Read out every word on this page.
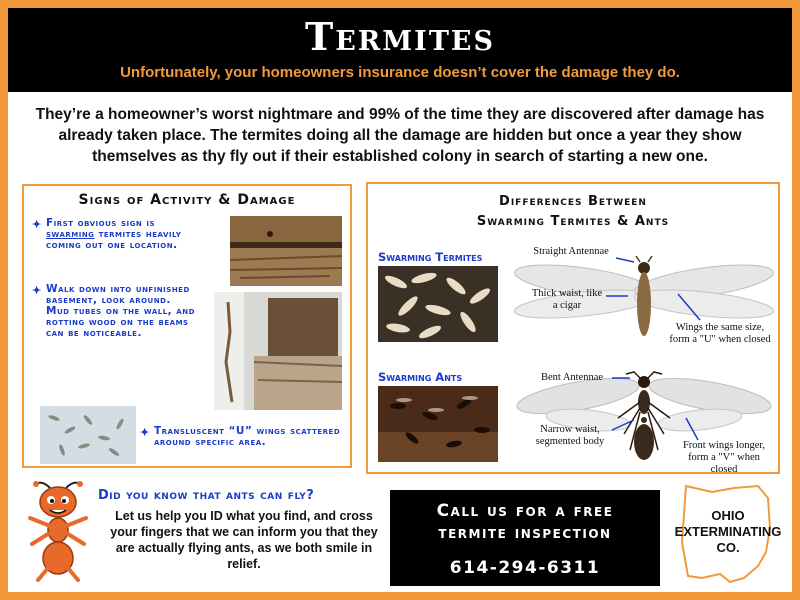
Termites
Unfortunately, your homeowners insurance doesn’t cover the damage they do.
They’re a homeowner’s worst nightmare and 99% of the time they are discovered after damage has already taken place. The termites doing all the damage are hidden but once a year they show themselves as thy fly out if their established colony in search of starting a new one.
Signs of Activity & Damage
✦ First obvious sign is swarming termites heavily coming out one location.
✦ Walk down into unfinished basement, look around. Mud tubes on the wall, and rotting wood on the beams can be noticeable.
✦ Transluscent “U” wings scattered around specific area.
Differences Between
Swarming Termites & Ants
Swarming Termites	Straight Antennae
Thick waist, like a cigar
Wings the same size, form a "U" when closed
Swarming Ants	Bent Antennae
Narrow waist, segmented body	Front wings longer, form a "V" when closed
Did you know that ants can fly?
Let us help you ID what you find, and cross your fingers that we can inform you that they are actually flying ants, as we both smile in relief.
Call us for a free
termite inspection
614-294-6311
OHIO
EXTERMINATING
CO.
